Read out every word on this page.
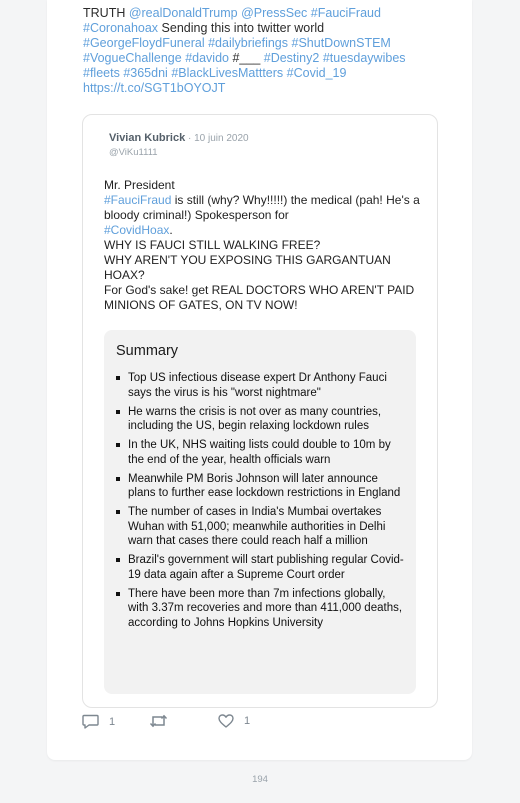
TRUTH @realDonaldTrump @PressSec #FauciFraud #Coronahoax Sending this into twitter world #GeorgeFloydFuneral #dailybriefings #ShutDownSTEM #VogueChallenge #davido #___ #Destiny2 #tuesdaywibes #fleets #365dni #BlackLivesMattters #Covid_19 https://t.co/SGT1bOYOJT
Vivian Kubrick · 10 juin 2020
@ViKu1111
Mr. President
#FauciFraud is still (why? Why!!!!!) the medical (pah! He's a bloody criminal!) Spokesperson for
#CovidHoax.
WHY IS FAUCI STILL WALKING FREE?
WHY AREN'T YOU EXPOSING THIS GARGANTUAN HOAX?
For God's sake! get REAL DOCTORS WHO AREN'T PAID MINIONS OF GATES, ON TV NOW!
Summary
Top US infectious disease expert Dr Anthony Fauci says the virus is his "worst nightmare"
He warns the crisis is not over as many countries, including the US, begin relaxing lockdown rules
In the UK, NHS waiting lists could double to 10m by the end of the year, health officials warn
Meanwhile PM Boris Johnson will later announce plans to further ease lockdown restrictions in England
The number of cases in India's Mumbai overtakes Wuhan with 51,000; meanwhile authorities in Delhi warn that cases there could reach half a million
Brazil's government will start publishing regular Covid-19 data again after a Supreme Court order
There have been more than 7m infections globally, with 3.37m recoveries and more than 411,000 deaths, according to Johns Hopkins University
1	1
194
